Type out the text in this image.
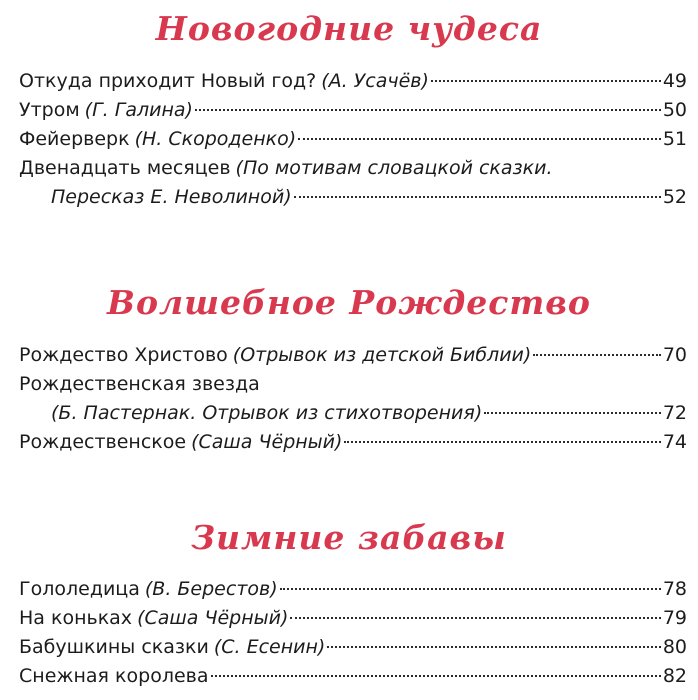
Новогодние чудеса
Откуда приходит Новый год? (А. Усачёв)	49
Утром (Г. Галина)	50
Фейерверк (Н. Скороденко)	51
Двенадцать месяцев (По мотивам словацкой сказки.
Пересказ Е. Неволиной)	52
Волшебное Рождество
Рождество Христово (Отрывок из детской Библии)	70
Рождественская звезда
(Б. Пастернак. Отрывок из стихотворения)	72
Рождественское (Саша Чёрный)	74
Зимние забавы
Гололедица (В. Берестов)	78
На коньках (Саша Чёрный)	79
Бабушкины сказки (С. Есенин)	80
Снежная королева	82
